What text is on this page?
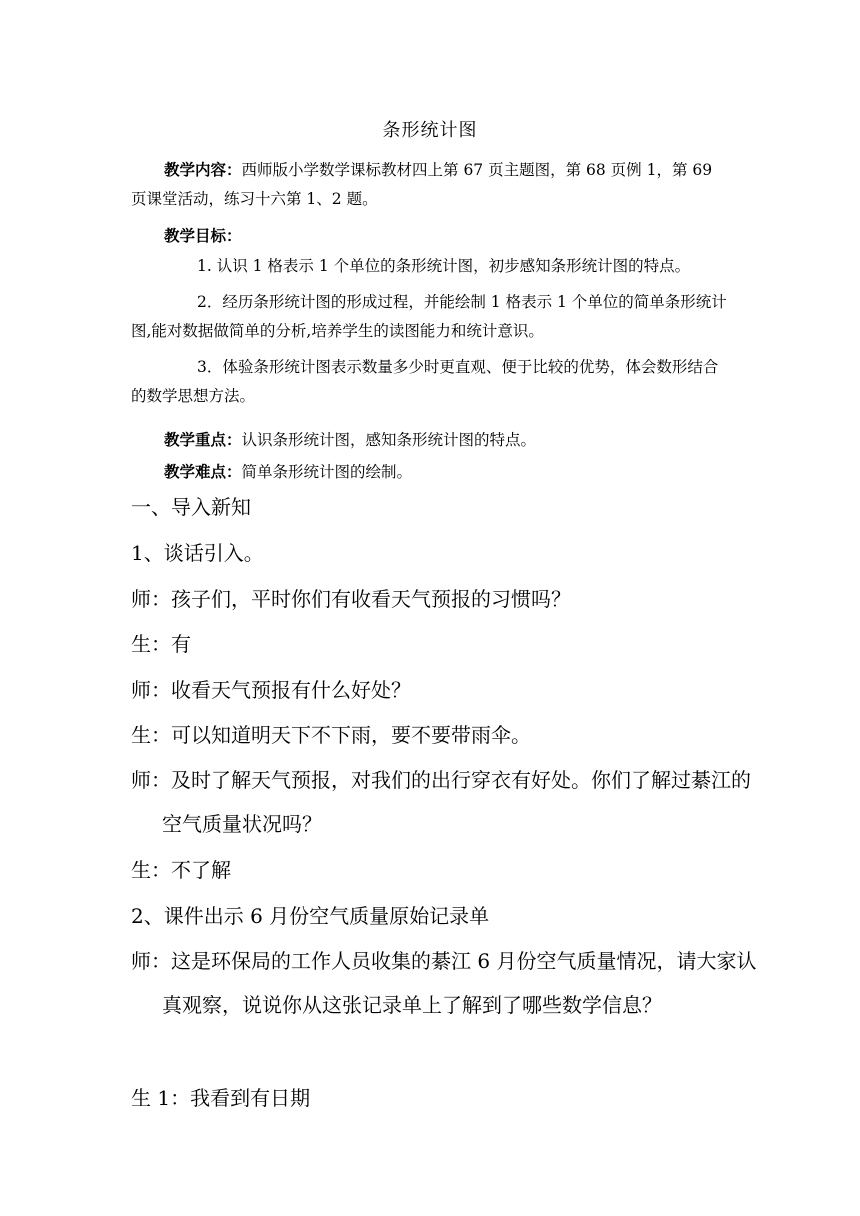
条形统计图
教学内容：西师版小学数学课标教材四上第 67 页主题图，第 68 页例 1，第 69 页课堂活动，练习十六第 1、2 题。
教学目标：
1. 认识 1 格表示 1 个单位的条形统计图，初步感知条形统计图的特点。
2．经历条形统计图的形成过程，并能绘制 1 格表示 1 个单位的简单条形统计图,能对数据做简单的分析,培养学生的读图能力和统计意识。
3．体验条形统计图表示数量多少时更直观、便于比较的优势，体会数形结合的数学思想方法。
教学重点：认识条形统计图，感知条形统计图的特点。
教学难点：简单条形统计图的绘制。
一、导入新知
1、谈话引入。
师：孩子们，平时你们有收看天气预报的习惯吗？
生：有
师：收看天气预报有什么好处？
生：可以知道明天下不下雨，要不要带雨伞。
师：及时了解天气预报，对我们的出行穿衣有好处。你们了解过綦江的空气质量状况吗？
生：不了解
2、课件出示 6 月份空气质量原始记录单
师：这是环保局的工作人员收集的綦江 6 月份空气质量情况，请大家认真观察，说说你从这张记录单上了解到了哪些数学信息？
生 1：我看到有日期
